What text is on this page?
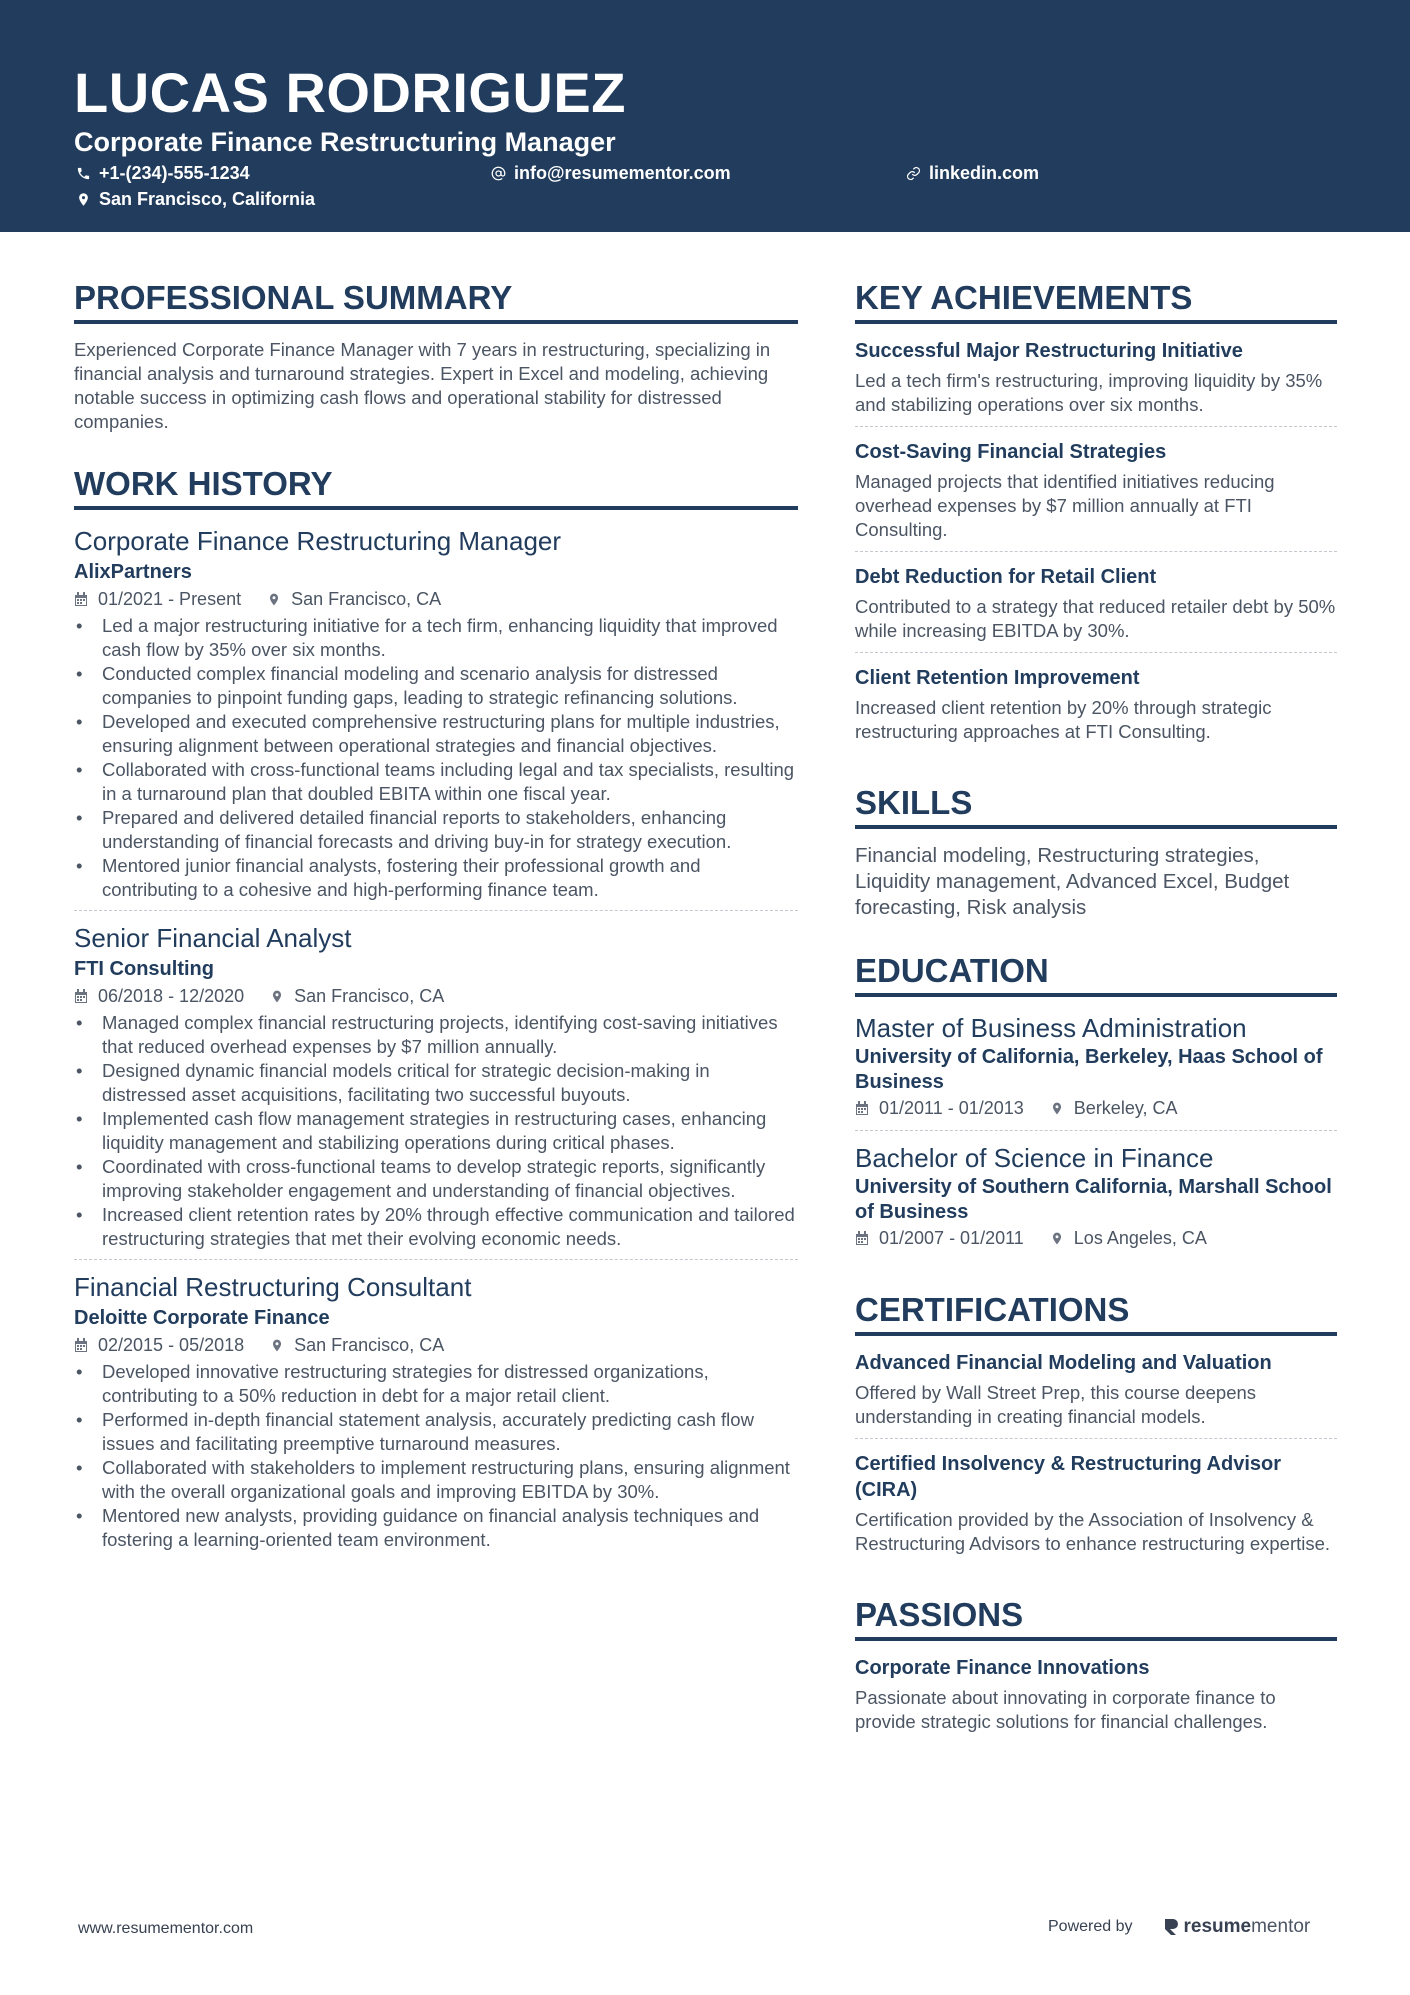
LUCAS RODRIGUEZ
Corporate Finance Restructuring Manager
+1-(234)-555-1234	info@resumementor.com	linkedin.com
San Francisco, California
PROFESSIONAL SUMMARY
Experienced Corporate Finance Manager with 7 years in restructuring, specializing in financial analysis and turnaround strategies. Expert in Excel and modeling, achieving notable success in optimizing cash flows and operational stability for distressed companies.
WORK HISTORY
Corporate Finance Restructuring Manager
AlixPartners
01/2021 - Present	San Francisco, CA
• Led a major restructuring initiative for a tech firm, enhancing liquidity that improved cash flow by 35% over six months.
• Conducted complex financial modeling and scenario analysis for distressed companies to pinpoint funding gaps, leading to strategic refinancing solutions.
• Developed and executed comprehensive restructuring plans for multiple industries, ensuring alignment between operational strategies and financial objectives.
• Collaborated with cross-functional teams including legal and tax specialists, resulting in a turnaround plan that doubled EBITA within one fiscal year.
• Prepared and delivered detailed financial reports to stakeholders, enhancing understanding of financial forecasts and driving buy-in for strategy execution.
• Mentored junior financial analysts, fostering their professional growth and contributing to a cohesive and high-performing finance team.
Senior Financial Analyst
FTI Consulting
06/2018 - 12/2020	San Francisco, CA
• Managed complex financial restructuring projects, identifying cost-saving initiatives that reduced overhead expenses by $7 million annually.
• Designed dynamic financial models critical for strategic decision-making in distressed asset acquisitions, facilitating two successful buyouts.
• Implemented cash flow management strategies in restructuring cases, enhancing liquidity management and stabilizing operations during critical phases.
• Coordinated with cross-functional teams to develop strategic reports, significantly improving stakeholder engagement and understanding of financial objectives.
• Increased client retention rates by 20% through effective communication and tailored restructuring strategies that met their evolving economic needs.
Financial Restructuring Consultant
Deloitte Corporate Finance
02/2015 - 05/2018	San Francisco, CA
• Developed innovative restructuring strategies for distressed organizations, contributing to a 50% reduction in debt for a major retail client.
• Performed in-depth financial statement analysis, accurately predicting cash flow issues and facilitating preemptive turnaround measures.
• Collaborated with stakeholders to implement restructuring plans, ensuring alignment with the overall organizational goals and improving EBITDA by 30%.
• Mentored new analysts, providing guidance on financial analysis techniques and fostering a learning-oriented team environment.
KEY ACHIEVEMENTS
Successful Major Restructuring Initiative
Led a tech firm's restructuring, improving liquidity by 35% and stabilizing operations over six months.
Cost-Saving Financial Strategies
Managed projects that identified initiatives reducing overhead expenses by $7 million annually at FTI Consulting.
Debt Reduction for Retail Client
Contributed to a strategy that reduced retailer debt by 50% while increasing EBITDA by 30%.
Client Retention Improvement
Increased client retention by 20% through strategic restructuring approaches at FTI Consulting.
SKILLS
Financial modeling, Restructuring strategies, Liquidity management, Advanced Excel, Budget forecasting, Risk analysis
EDUCATION
Master of Business Administration
University of California, Berkeley, Haas School of Business
01/2011 - 01/2013	Berkeley, CA
Bachelor of Science in Finance
University of Southern California, Marshall School of Business
01/2007 - 01/2011	Los Angeles, CA
CERTIFICATIONS
Advanced Financial Modeling and Valuation
Offered by Wall Street Prep, this course deepens understanding in creating financial models.
Certified Insolvency & Restructuring Advisor (CIRA)
Certification provided by the Association of Insolvency & Restructuring Advisors to enhance restructuring expertise.
PASSIONS
Corporate Finance Innovations
Passionate about innovating in corporate finance to provide strategic solutions for financial challenges.
www.resumementor.com	Powered by	resume mentor
